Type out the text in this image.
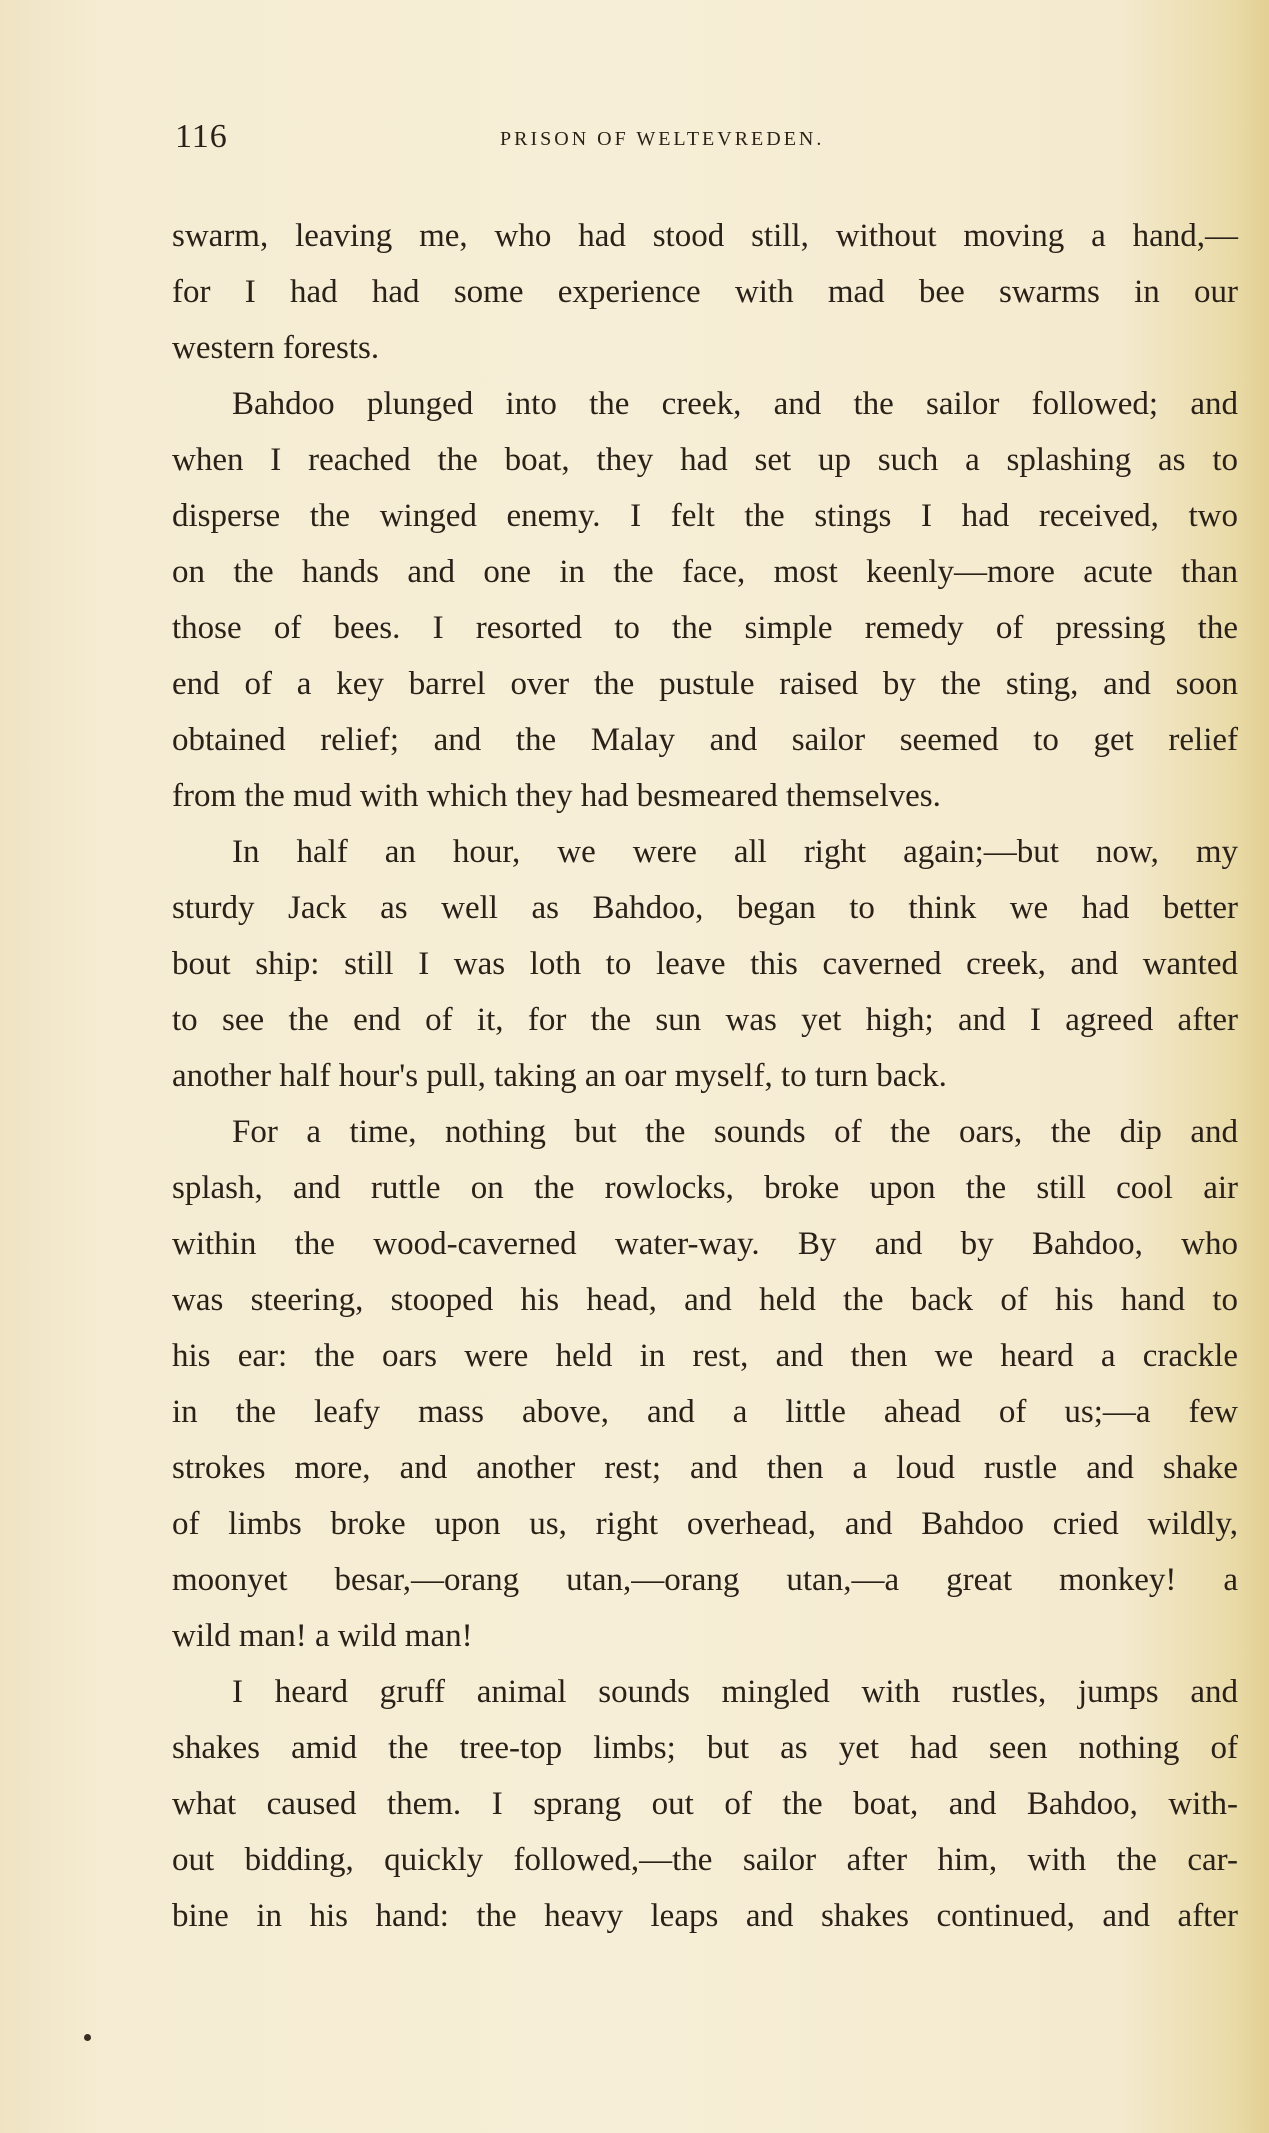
116	PRISON OF WELTEVREDEN.
swarm, leaving me, who had stood still, without moving a hand,—
for I had had some experience with mad bee swarms in our
western forests.
Bahdoo plunged into the creek, and the sailor followed; and
when I reached the boat, they had set up such a splashing as to
disperse the winged enemy. I felt the stings I had received, two
on the hands and one in the face, most keenly—more acute than
those of bees. I resorted to the simple remedy of pressing the
end of a key barrel over the pustule raised by the sting, and soon
obtained relief; and the Malay and sailor seemed to get relief
from the mud with which they had besmeared themselves.
In half an hour, we were all right again;—but now, my
sturdy Jack as well as Bahdoo, began to think we had better
bout ship: still I was loth to leave this caverned creek, and wanted
to see the end of it, for the sun was yet high; and I agreed after
another half hour's pull, taking an oar myself, to turn back.
For a time, nothing but the sounds of the oars, the dip and
splash, and ruttle on the rowlocks, broke upon the still cool air
within the wood-caverned water-way. By and by Bahdoo, who
was steering, stooped his head, and held the back of his hand to
his ear: the oars were held in rest, and then we heard a crackle
in the leafy mass above, and a little ahead of us;—a few
strokes more, and another rest; and then a loud rustle and shake
of limbs broke upon us, right overhead, and Bahdoo cried wildly,
moonyet besar,—orang utan,—orang utan,—a great monkey! a
wild man! a wild man!
I heard gruff animal sounds mingled with rustles, jumps and
shakes amid the tree-top limbs; but as yet had seen nothing of
what caused them. I sprang out of the boat, and Bahdoo, with-
out bidding, quickly followed,—the sailor after him, with the car-
bine in his hand: the heavy leaps and shakes continued, and after
